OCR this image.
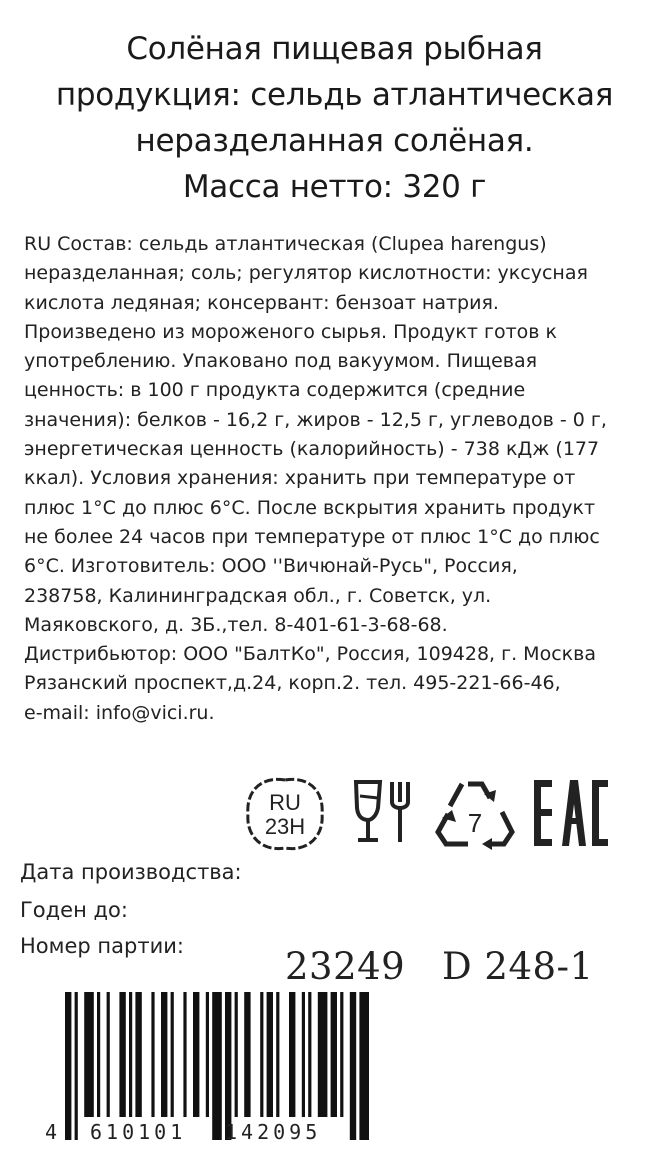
Солёная пищевая рыбная
продукция: сельдь атлантическая
неразделанная солёная.
Масса нетто: 320 г
RU Состав: сельдь атлантическая (Clupea harengus)
неразделанная; соль; регулятор кислотности: уксусная
кислота ледяная; консервант: бензоат натрия.
Произведено из мороженого сырья. Продукт готов к
употреблению. Упаковано под вакуумом. Пищевая
ценность: в 100 г продукта содержится (средние
значения): белков - 16,2 г, жиров - 12,5 г, углеводов - 0 г,
энергетическая ценность (калорийность) - 738 кДж (177
ккал). Условия хранения: хранить при температуре от
плюс 1°С до плюс 6°С. После вскрытия хранить продукт
не более 24 часов при температуре от плюс 1°С до плюс
6°С. Изготовитель: ООО ''Вичюнай-Русь", Россия,
238758, Калининградская обл., г. Советск, ул.
Маяковского, д. 3Б.,тел. 8-401-61-3-68-68.
Дистрибьютор: ООО "БалтКо", Россия, 109428, г. Москва
Рязанский проспект,д.24, корп.2. тел. 495-221-66-46,
e-mail: info@vici.ru.
RU
23H	7
Дата производства:
Годен до:
Номер партии:	23249   D 248-1
4 610101 142095
